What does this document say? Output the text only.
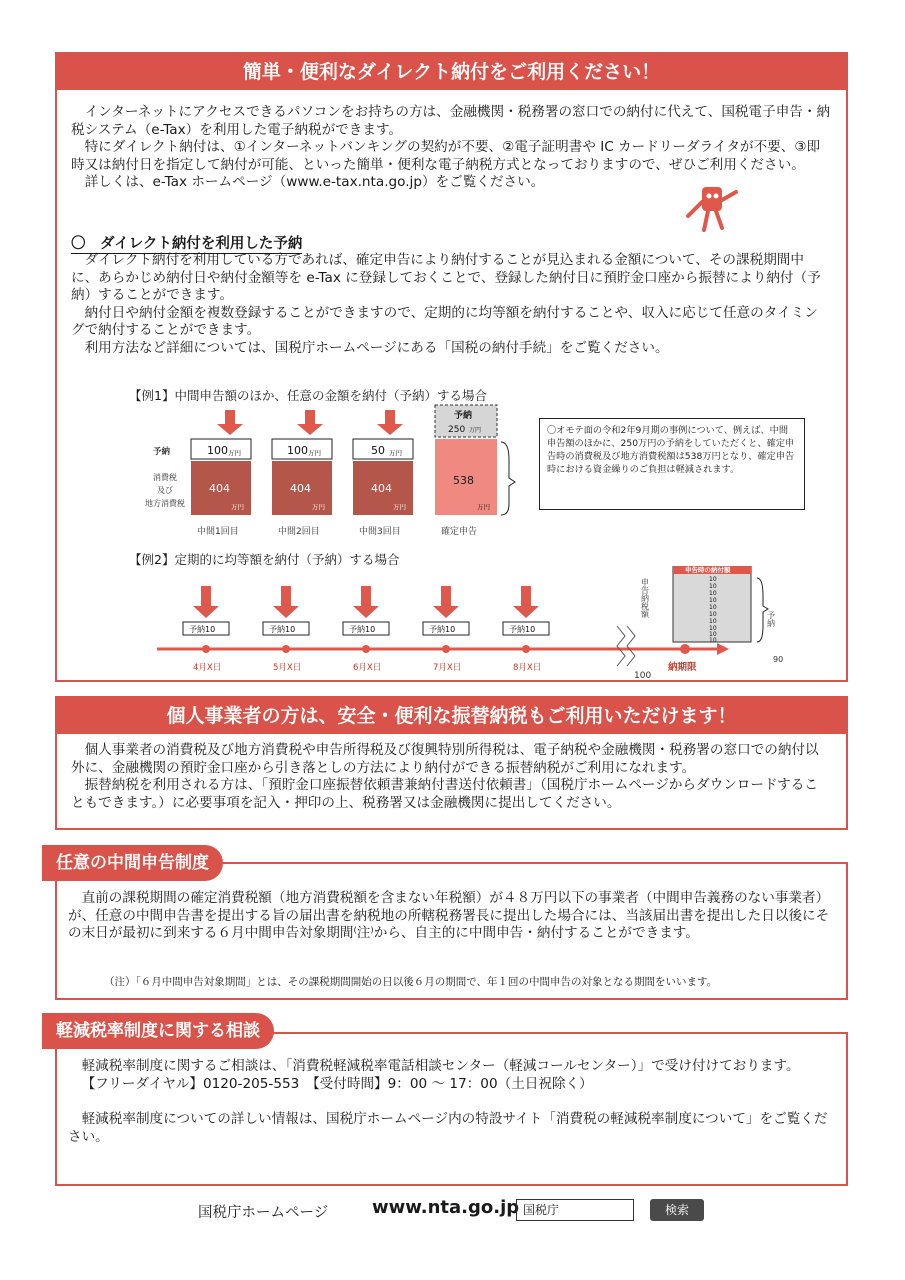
簡単・便利なダイレクト納付をご利用ください！
インターネットにアクセスできるパソコンをお持ちの方は、金融機関・税務署の窓口での納付に代えて、国税電子申告・納税システム（e-Tax）を利用した電子納税ができます。
特にダイレクト納付は、①インターネットバンキングの契約が不要、②電子証明書や IC カードリーダライタが不要、③即時又は納付日を指定して納付が可能、といった簡単・便利な電子納税方式となっておりますので、ぜひご利用ください。
詳しくは、e-Tax ホームページ（www.e-tax.nta.go.jp）をご覧ください。
〇　ダイレクト納付を利用した予納
ダイレクト納付を利用している方であれば、確定申告により納付することが見込まれる金額について、その課税期間中に、あらかじめ納付日や納付金額等を e-Tax に登録しておくことで、登録した納付日に預貯金口座から振替により納付（予納）することができます。
納付日や納付金額を複数登録することができますので、定期的に均等額を納付することや、収入に応じて任意のタイミングで納付することができます。
利用方法など詳細については、国税庁ホームページにある「国税の納付手続」をご覧ください。
【例1】中間申告額のほか、任意の金額を納付（予納）する場合
予納
消費税
及び
地方消費税
100 万円
404
万円
中間1回目
100 万円
404
万円
中間2回目
50 万円
404
万円
中間3回目
予納
250 万円
538
万円
確定申告
〇オモテ面の令和2年9月期の事例について、例えば、中間申告額のほかに、250万円の予納をしていただくと、確定申告時の消費税及び地方消費税額は538万円となり、確定申告時における資金繰りのご負担は軽減されます。
【例2】定期的に均等額を納付（予納）する場合
予納10
4月X日
予納10
5月X日
予納10
6月X日
予納10
7月X日
予納10
8月X日	納期限
申告納税額
100
申告時の納付額
10
10
10
10
10
10
10
10
10
10
予納
90
個人事業者の方は、安全・便利な振替納税もご利用いただけます！
個人事業者の消費税及び地方消費税や申告所得税及び復興特別所得税は、電子納税や金融機関・税務署の窓口での納付以外に、金融機関の預貯金口座から引き落としの方法により納付ができる振替納税がご利用になれます。
振替納税を利用される方は、「預貯金口座振替依頼書兼納付書送付依頼書」（国税庁ホームページからダウンロードすることもできます。）に必要事項を記入・押印の上、税務署又は金融機関に提出してください。
任意の中間申告制度
直前の課税期間の確定消費税額（地方消費税額を含まない年税額）が４８万円以下の事業者（中間申告義務のない事業者）が、任意の中間申告書を提出する旨の届出書を納税地の所轄税務署長に提出した場合には、当該届出書を提出した日以後にその末日が最初に到来する６月中間申告対象期間⁽注⁾から、自主的に中間申告・納付することができます。
（注）「６月中間申告対象期間」とは、その課税期間開始の日以後６月の期間で、年１回の中間申告の対象となる期間をいいます。
軽減税率制度に関する相談
軽減税率制度に関するご相談は、「消費税軽減税率電話相談センター（軽減コールセンター）」で受け付けております。
【フリーダイヤル】0120-205-553　【受付時間】9：00 ～ 17：00（土日祝除く）
軽減税率制度についての詳しい情報は、国税庁ホームページ内の特設サイト「消費税の軽減税率制度について」をご覧ください。
国税庁ホームページ www.nta.go.jp 国税庁	検索
